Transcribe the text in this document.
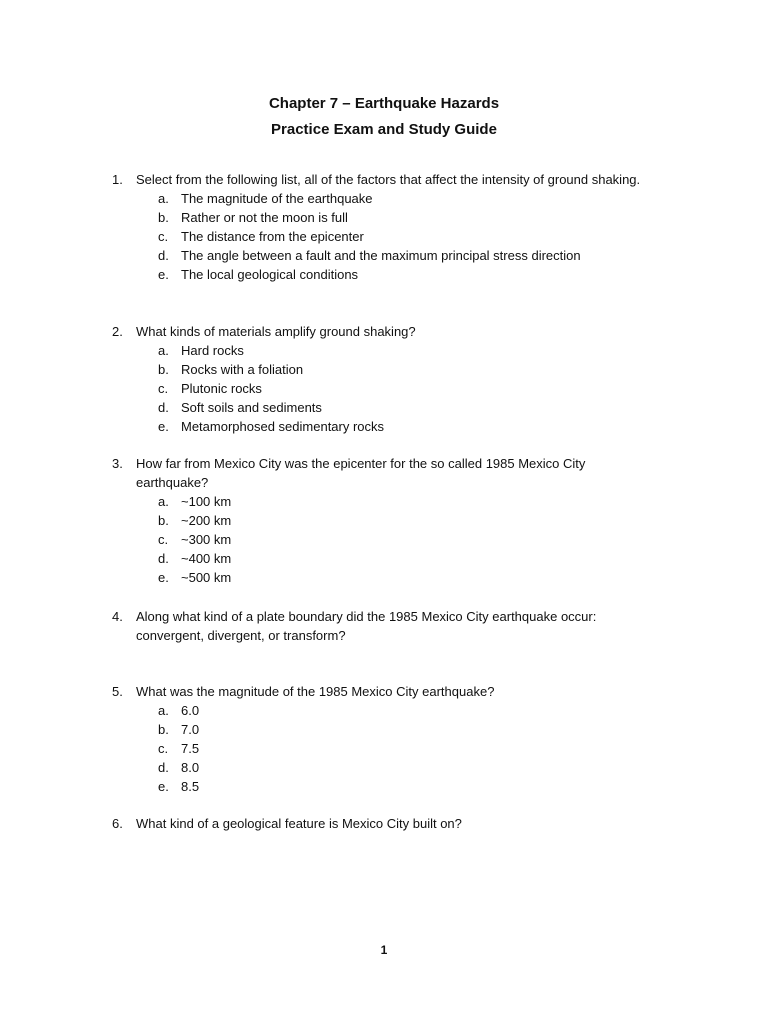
Chapter 7 – Earthquake Hazards
Practice Exam and Study Guide
1.	Select from the following list, all of the factors that affect the intensity of ground shaking.
a. The magnitude of the earthquake
b. Rather or not the moon is full
c. The distance from the epicenter
d. The angle between a fault and the maximum principal stress direction
e. The local geological conditions
2.	What kinds of materials amplify ground shaking?
a. Hard rocks
b. Rocks with a foliation
c. Plutonic rocks
d. Soft soils and sediments
e. Metamorphosed sedimentary rocks
3.	How far from Mexico City was the epicenter for the so called 1985 Mexico City earthquake?
a. ~100 km
b. ~200 km
c. ~300 km
d. ~400 km
e. ~500 km
4.	Along what kind of a plate boundary did the 1985 Mexico City earthquake occur: convergent, divergent, or transform?
5.	What was the magnitude of the 1985 Mexico City earthquake?
a. 6.0
b. 7.0
c. 7.5
d. 8.0
e. 8.5
6.	What kind of a geological feature is Mexico City built on?
1
